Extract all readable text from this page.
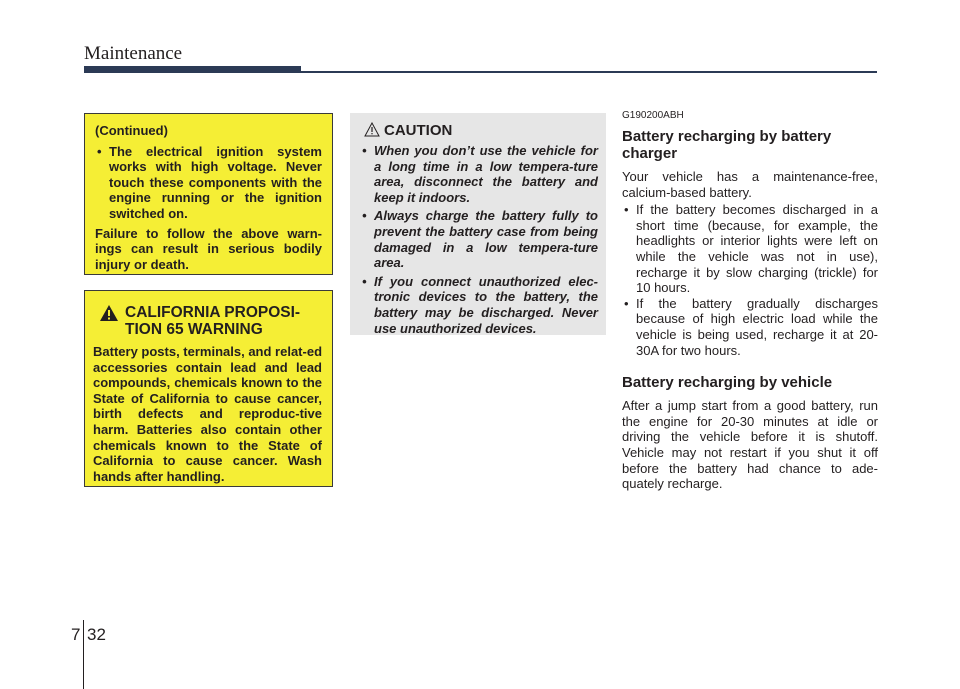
Maintenance

(Continued)

• The electrical ignition system works with high voltage. Never touch these components with the engine running or the ignition switched on.

Failure to follow the above warn-ings can result in serious bodily injury or death.

CALIFORNIA PROPOSI-TION 65 WARNING

Battery posts, terminals, and relat-ed accessories contain lead and lead compounds, chemicals known to the State of California to cause cancer, birth defects and reproduc-tive harm. Batteries also contain other chemicals known to the State of California to cause cancer. Wash hands after handling.

CAUTION
• When you don’t use the vehicle for a long time in a low tempera-ture area, disconnect the battery and keep it indoors.
• Always charge the battery fully to prevent the battery case from being damaged in a low tempera-ture area.
• If you connect unauthorized elec-tronic devices to the battery, the battery may be discharged. Never use unauthorized devices.

G190200ABH

Battery recharging by battery charger

Your vehicle has a maintenance-free, calcium-based battery.

• If the battery becomes discharged in a short time (because, for example, the headlights or interior lights were left on while the vehicle was not in use), recharge it by slow charging (trickle) for 10 hours.
• If the battery gradually discharges because of high electric load while the vehicle is being used, recharge it at 20-30A for two hours.

Battery recharging by vehicle

After a jump start from a good battery, run the engine for 20-30 minutes at idle or driving the vehicle before it is shutoff. Vehicle may not restart if you shut it off before the battery had chance to ade-quately recharge.

7 32
